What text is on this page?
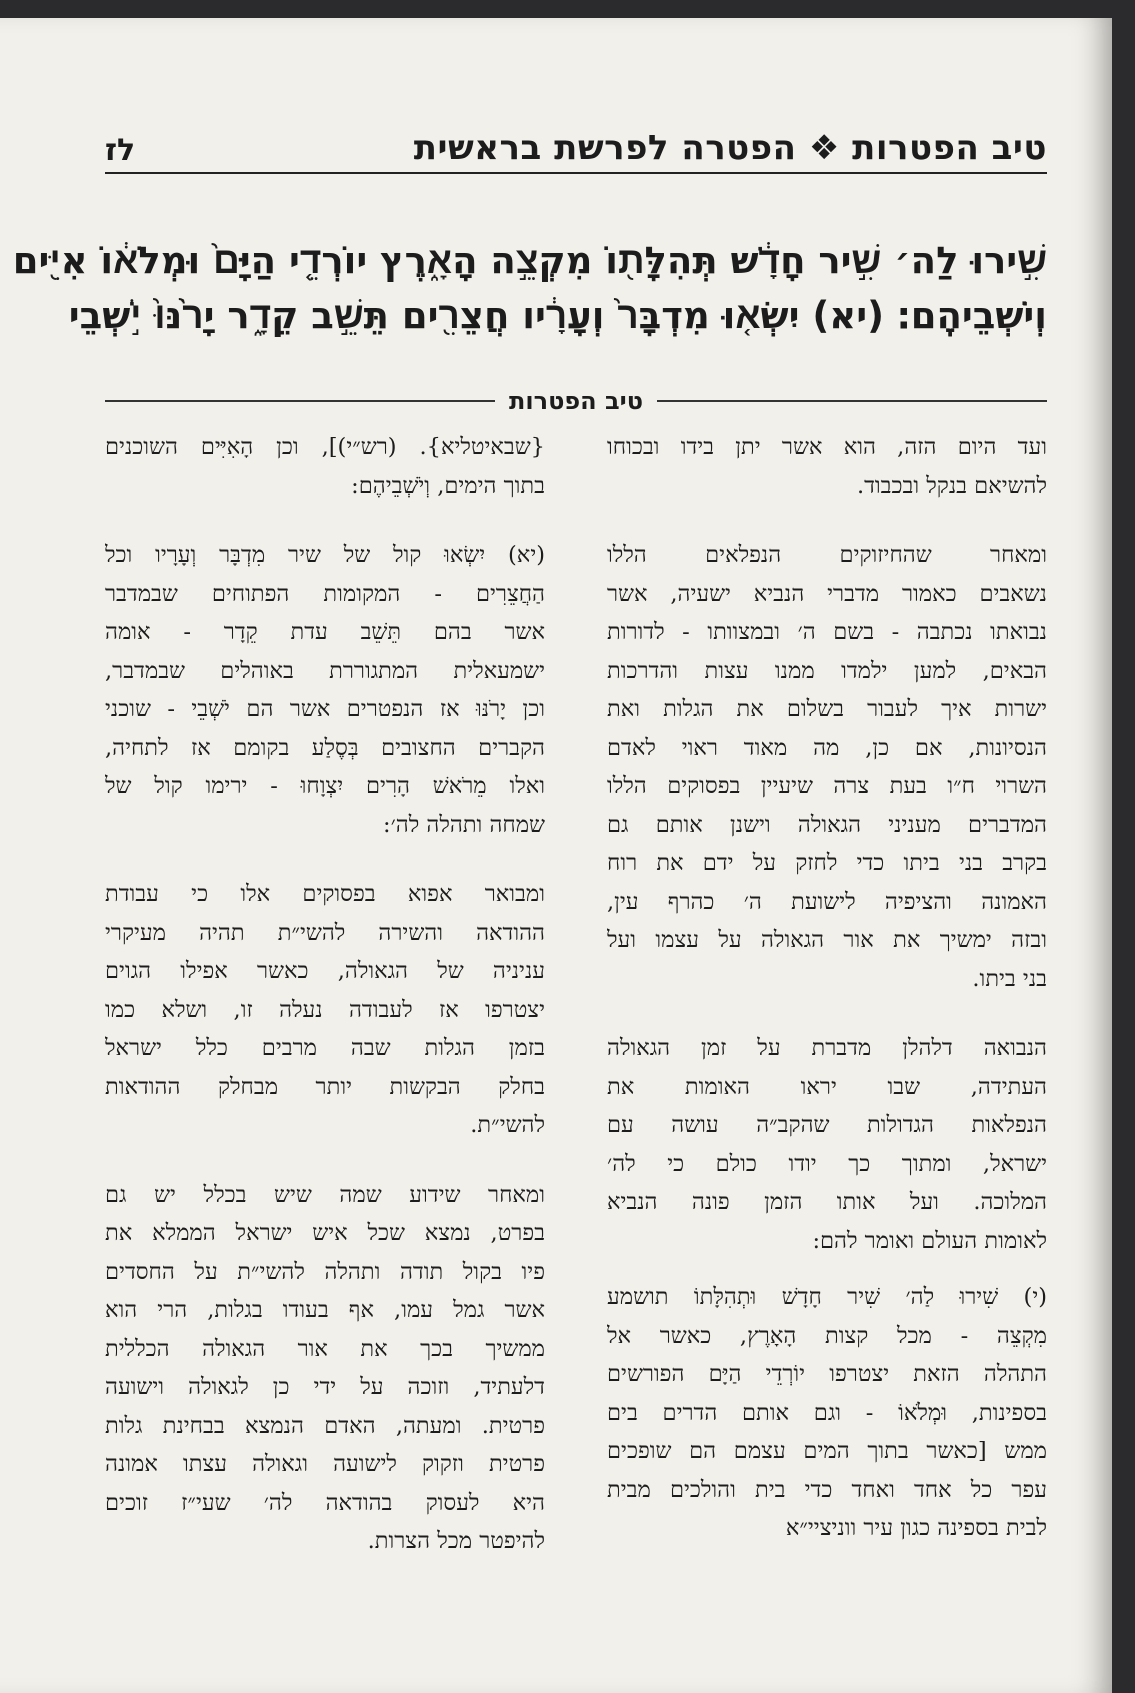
טיב הפטרות ❖ הפטרה לפרשת בראשית
לז
שִׁ֣ירוּ לַה׳ שִׁ֣יר חָדָ֔שׁ תְּהִלָּת֖וֹ מִקְצֵ֣ה הָאָ֑רֶץ יוֹרְדֵ֤י הַיָּם֙ וּמְלֹא֔וֹ אִיִּ֖ים
וְיֹשְׁבֵיהֶֽם׃ (יא) יִשְׂא֤וּ מִדְבָּר֙ וְעָרָ֔יו חֲצֵרִ֖ים תֵּשֵׁ֣ב קֵדָ֑ר יָרֹ֙נּוּ֙ יֹ֣שְׁבֵי
טיב הפטרות
ועד היום הזה, הוא אשר יתן בידו ובכוחו
להשיאם בנקל ובכבוד.
ומאחר שהחיזוקים הנפלאים הללו
נשאבים כאמור מדברי הנביא ישעיה, אשר
נבואתו נכתבה - בשם ה׳ ובמצוותו - לדורות
הבאים, למען ילמדו ממנו עצות והדרכות
ישרות איך לעבור בשלום את הגלות ואת
הנסיונות, אם כן, מה מאוד ראוי לאדם
השרוי ח״ו בעת צרה שיעיין בפסוקים הללו
המדברים מעניני הגאולה וישנן אותם גם
בקרב בני ביתו כדי לחזק על ידם את רוח
האמונה והציפיה לישועת ה׳ כהרף עין,
ובזה ימשיך את אור הגאולה על עצמו ועל
בני ביתו.
הנבואה דלהלן מדברת על זמן הגאולה
העתידה, שבו יראו האומות את
הנפלאות הגדולות שהקב״ה עושה עם
ישראל, ומתוך כך יודו כולם כי לה׳
המלוכה. ועל אותו הזמן פונה הנביא
לאומות העולם ואומר להם:
(י) שִׁירוּ לַה׳ שִׁיר חָדָשׁ וּתְהִלָּתוֹ תושמע
מִקְצֵה - מכל קצות הָאָרֶץ, כאשר אל
התהלה הזאת יצטרפו יוֹרְדֵי הַיָּם הפורשים
בספינות, וּמְלֹאוֹ - וגם אותם הדרים בים
ממש [כאשר בתוך המים עצמם הם שופכים
עפר כל אחד ואחד כדי בית והולכים מבית
לבית בספינה כגון עיר ווניציי״א
{שבאיטליא}. (רש״י)], וכן הָאִיִּים השוכנים
בתוך הימים, וְיֹשְׁבֵיהֶם:
(יא) יִשְׂאוּ קול של שיר מִדְבָּר וְעָרָיו וכל
הַחֲצֵרִים - המקומות הפתוחים שבמדבר
אשר בהם תֵּשֵׁב עדת קֵדָר - אומה
ישמעאלית המתגוררת באוהלים שבמדבר,
וכן יָרֹנּוּ אז הנפטרים אשר הם יֹשְׁבֵי - שוכני
הקברים החצובים בְּסֶלַע בקומם אז לתחיה,
ואלו מֵרֹאשׁ הָרִים יִצְוָחוּ - ירימו קול של
שמחה ותהלה לה׳:
ומבואר אפוא בפסוקים אלו כי עבודת
ההודאה והשירה להשי״ת תהיה מעיקרי
עניניה של הגאולה, כאשר אפילו הגוים
יצטרפו אז לעבודה נעלה זו, ושלא כמו
בזמן הגלות שבה מרבים כלל ישראל
בחלק הבקשות יותר מבחלק ההודאות
להשי״ת.
ומאחר שידוע שמה שיש בכלל יש גם
בפרט, נמצא שכל איש ישראל הממלא את
פיו בקול תודה ותהלה להשי״ת על החסדים
אשר גמל עמו, אף בעודו בגלות, הרי הוא
ממשיך בכך את אור הגאולה הכללית
דלעתיד, וזוכה על ידי כן לגאולה וישועה
פרטית. ומעתה, האדם הנמצא בבחינת גלות
פרטית וזקוק לישועה וגאולה עצתו אמונה
היא לעסוק בהודאה לה׳ שעי״ז זוכים
להיפטר מכל הצרות.
